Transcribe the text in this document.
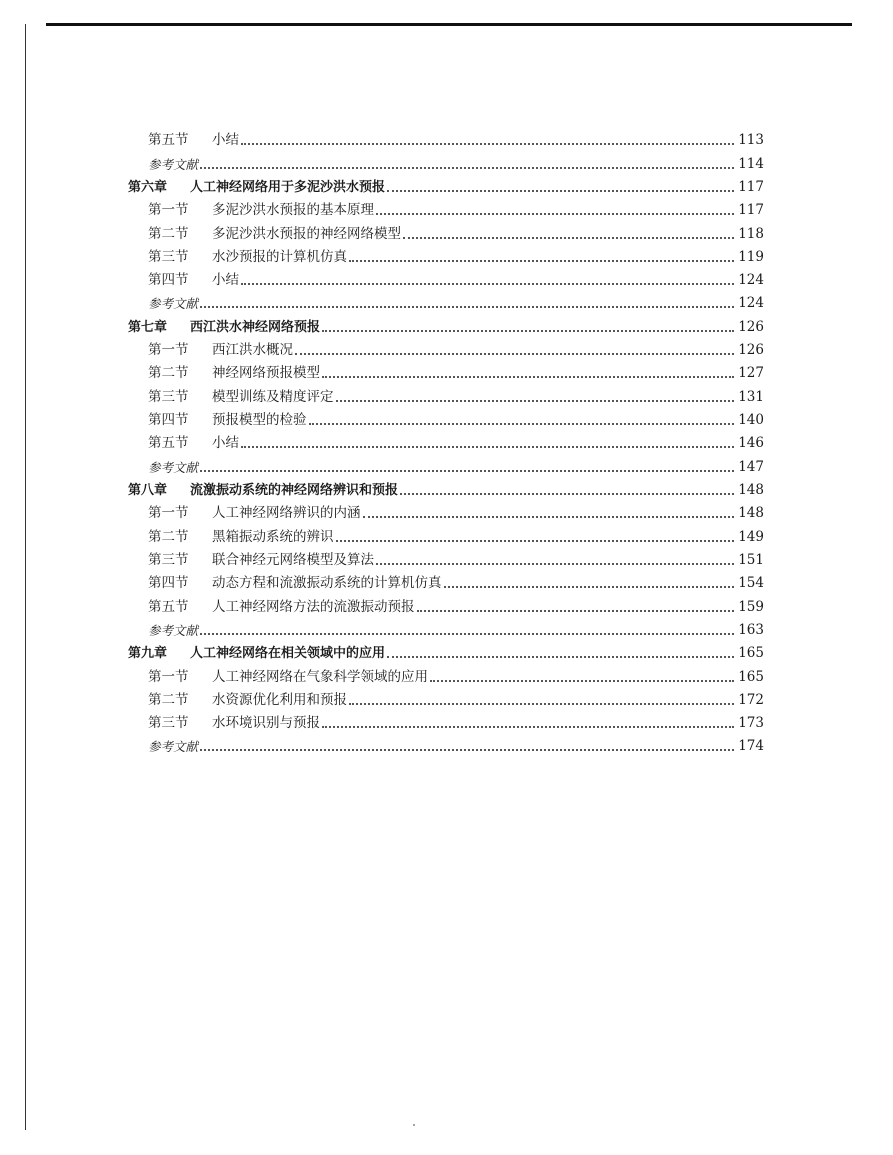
第五节	小结	113
参考文献	114
第六章	人工神经网络用于多泥沙洪水预报	117
第一节	多泥沙洪水预报的基本原理	117
第二节	多泥沙洪水预报的神经网络模型	118
第三节	水沙预报的计算机仿真	119
第四节	小结	124
参考文献	124
第七章	西江洪水神经网络预报	126
第一节	西江洪水概况	126
第二节	神经网络预报模型	127
第三节	模型训练及精度评定	131
第四节	预报模型的检验	140
第五节	小结	146
参考文献	147
第八章	流激振动系统的神经网络辨识和预报	148
第一节	人工神经网络辨识的内涵	148
第二节	黑箱振动系统的辨识	149
第三节	联合神经元网络模型及算法	151
第四节	动态方程和流激振动系统的计算机仿真	154
第五节	人工神经网络方法的流激振动预报	159
参考文献	163
第九章	人工神经网络在相关领域中的应用	165
第一节	人工神经网络在气象科学领域的应用	165
第二节	水资源优化利用和预报	172
第三节	水环境识别与预报	173
参考文献	174
